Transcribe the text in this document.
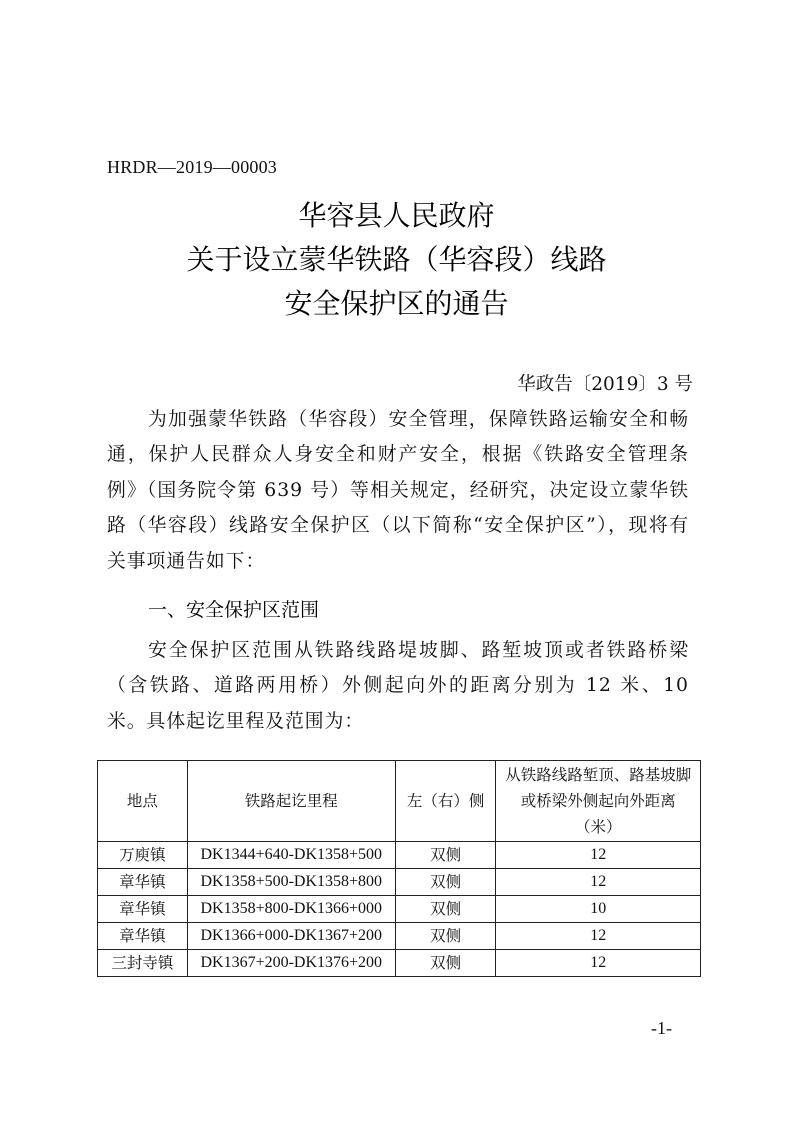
HRDR—2019—00003
华容县人民政府
关于设立蒙华铁路（华容段）线路
安全保护区的通告
华政告〔2019〕3 号
为加强蒙华铁路（华容段）安全管理，保障铁路运输安全和畅通，保护人民群众人身安全和财产安全，根据《铁路安全管理条例》（国务院令第 639 号）等相关规定，经研究，决定设立蒙华铁路（华容段）线路安全保护区（以下简称“安全保护区”），现将有关事项通告如下：
一、安全保护区范围
安全保护区范围从铁路线路堤坡脚、路堑坡顶或者铁路桥梁（含铁路、道路两用桥）外侧起向外的距离分别为 12 米、10 米。具体起讫里程及范围为：
地点	铁路起讫里程	左（右）侧	从铁路线路堑顶、路基坡脚或桥梁外侧起向外距离（米）
万庾镇	DK1344+640-DK1358+500	双侧	12
章华镇	DK1358+500-DK1358+800	双侧	12
章华镇	DK1358+800-DK1366+000	双侧	10
章华镇	DK1366+000-DK1367+200	双侧	12
三封寺镇	DK1367+200-DK1376+200	双侧	12
-1-
